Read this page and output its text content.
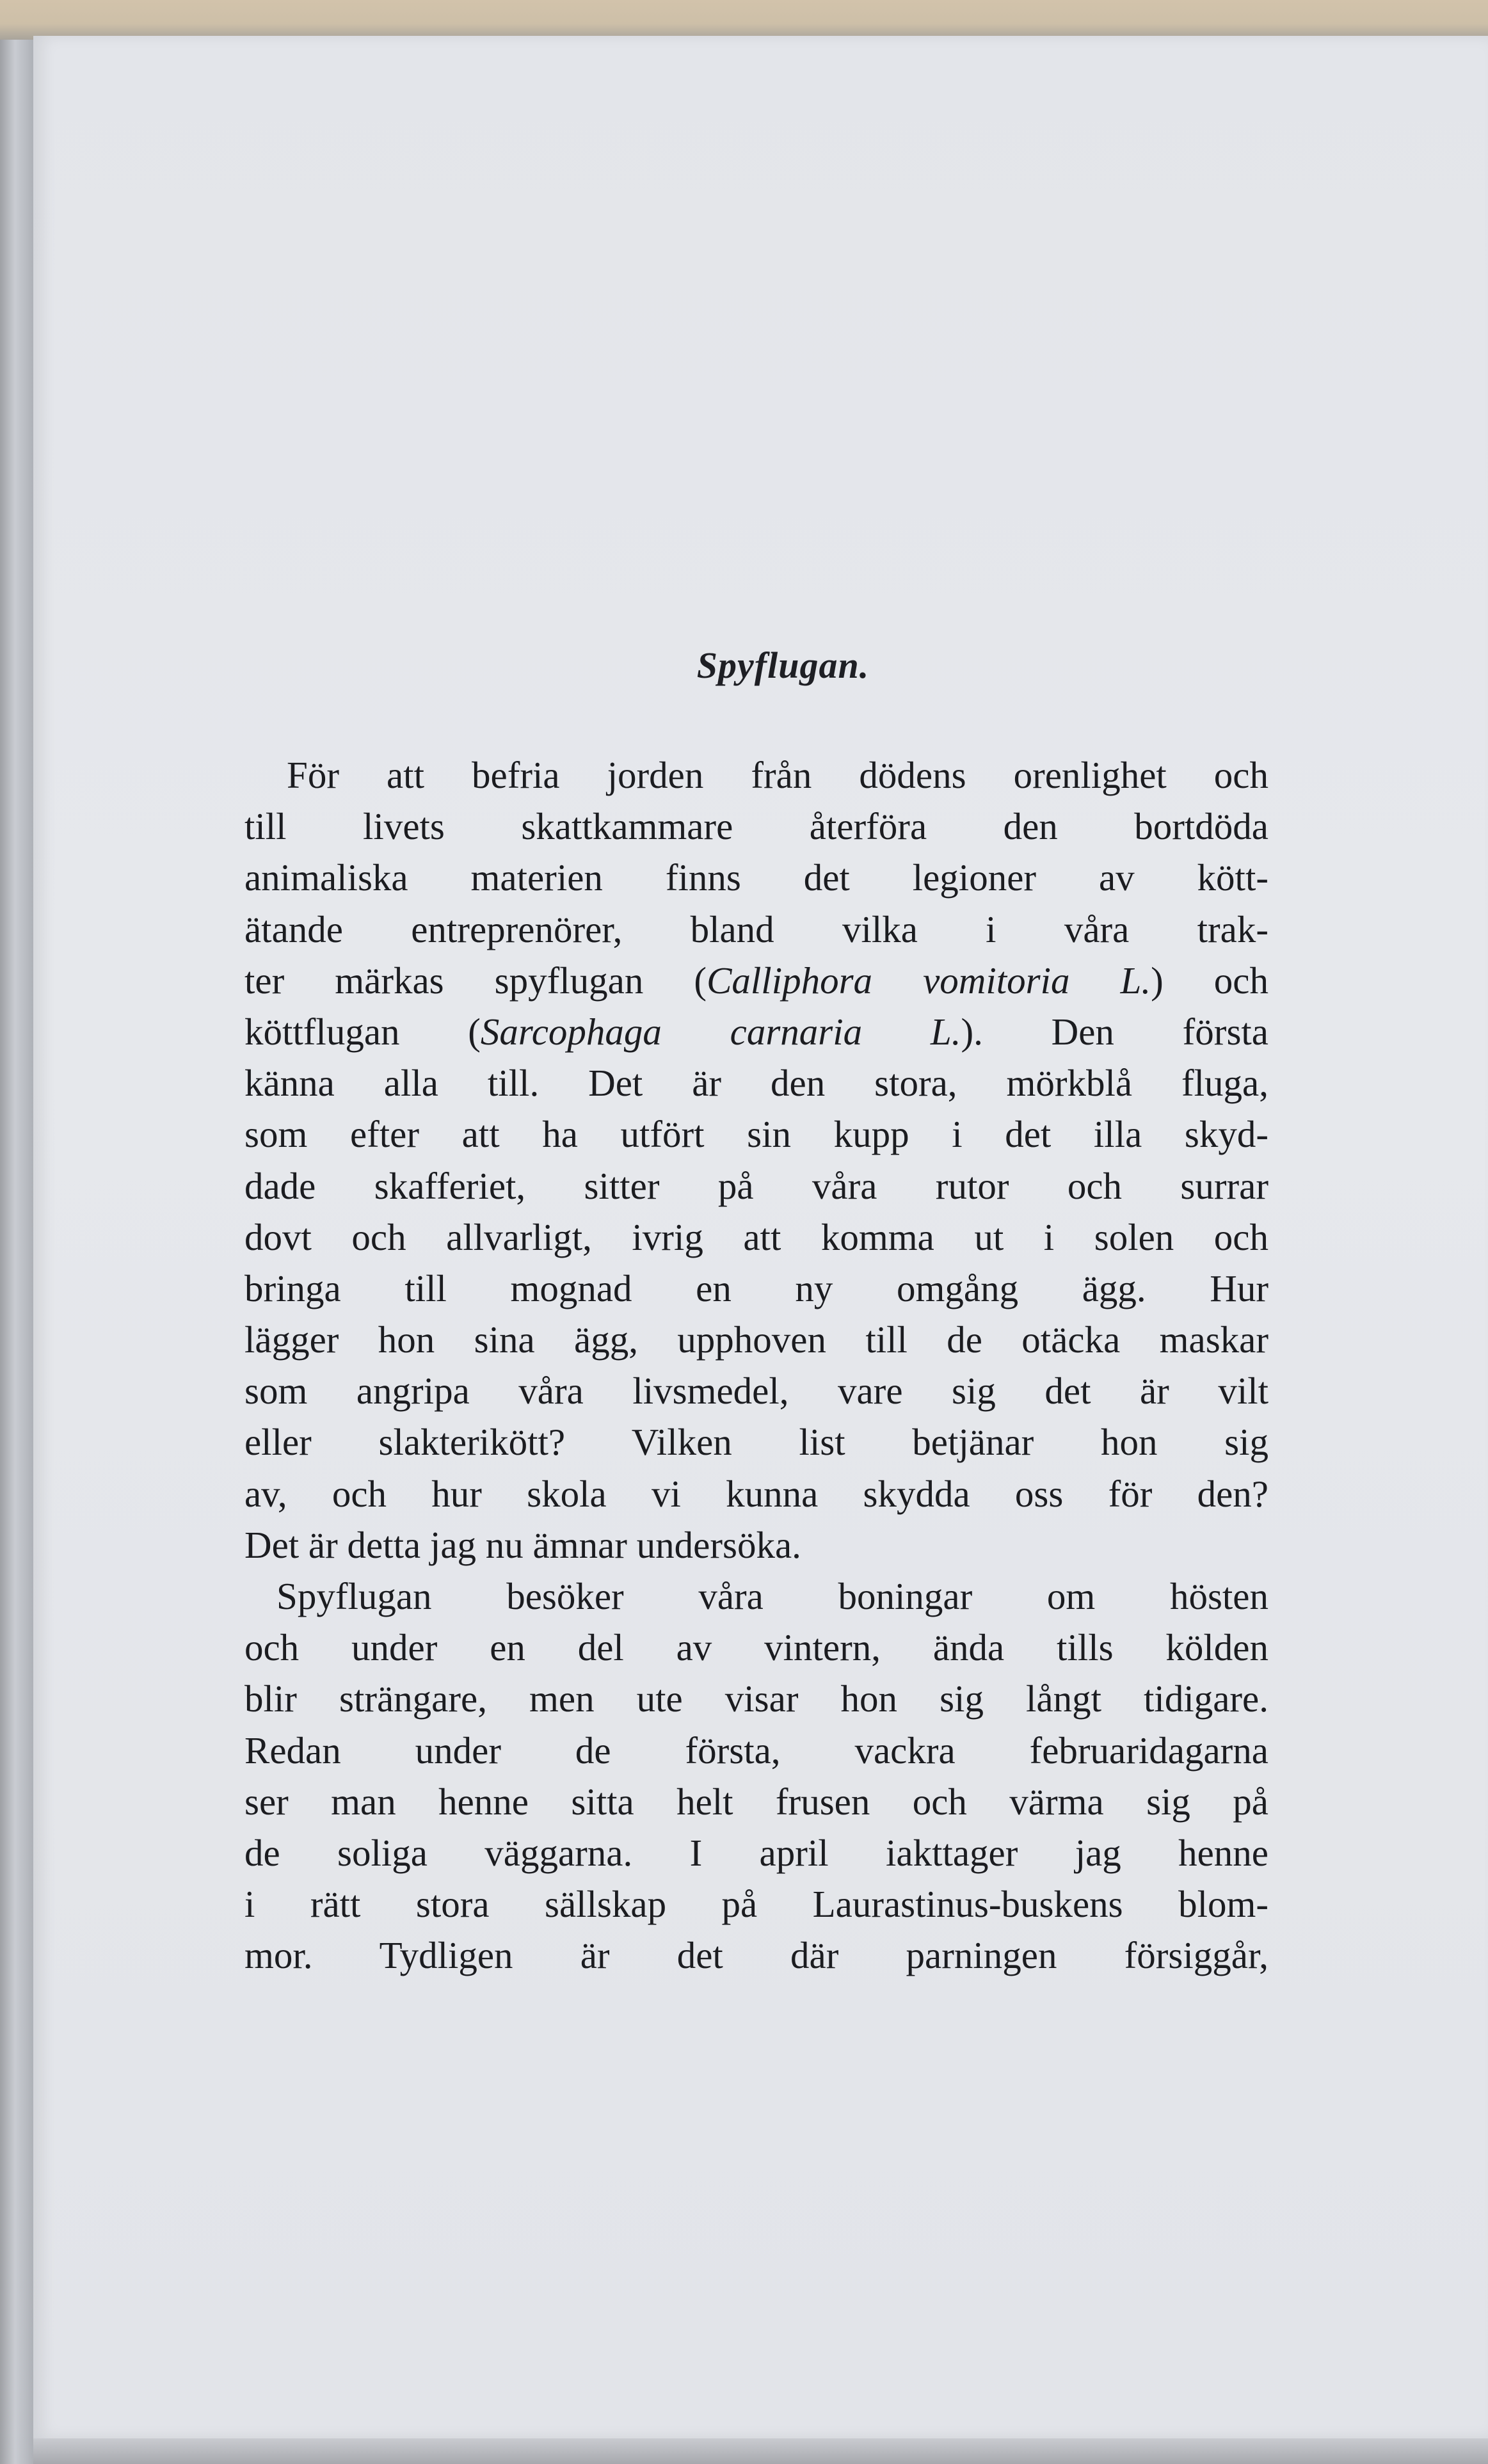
Spyflugan.
För att befria jorden från dödens orenlighet och
till livets skattkammare återföra den bortdöda
animaliska materien finns det legioner av kött-
ätande entreprenörer, bland vilka i våra trak-
ter märkas spyflugan (Calliphora vomitoria L.) och
köttflugan (Sarcophaga carnaria L.). Den första
känna alla till. Det är den stora, mörkblå fluga,
som efter att ha utfört sin kupp i det illa skyd-
dade skafferiet, sitter på våra rutor och surrar
dovt och allvarligt, ivrig att komma ut i solen och
bringa till mognad en ny omgång ägg. Hur
lägger hon sina ägg, upphoven till de otäcka maskar
som angripa våra livsmedel, vare sig det är vilt
eller slakterikött? Vilken list betjänar hon sig
av, och hur skola vi kunna skydda oss för den?
Det är detta jag nu ämnar undersöka.
Spyflugan besöker våra boningar om hösten
och under en del av vintern, ända tills kölden
blir strängare, men ute visar hon sig långt tidigare.
Redan under de första, vackra februaridagarna
ser man henne sitta helt frusen och värma sig på
de soliga väggarna. I april iakttager jag henne
i rätt stora sällskap på Laurastinus-buskens blom-
mor. Tydligen är det där parningen försiggår,
